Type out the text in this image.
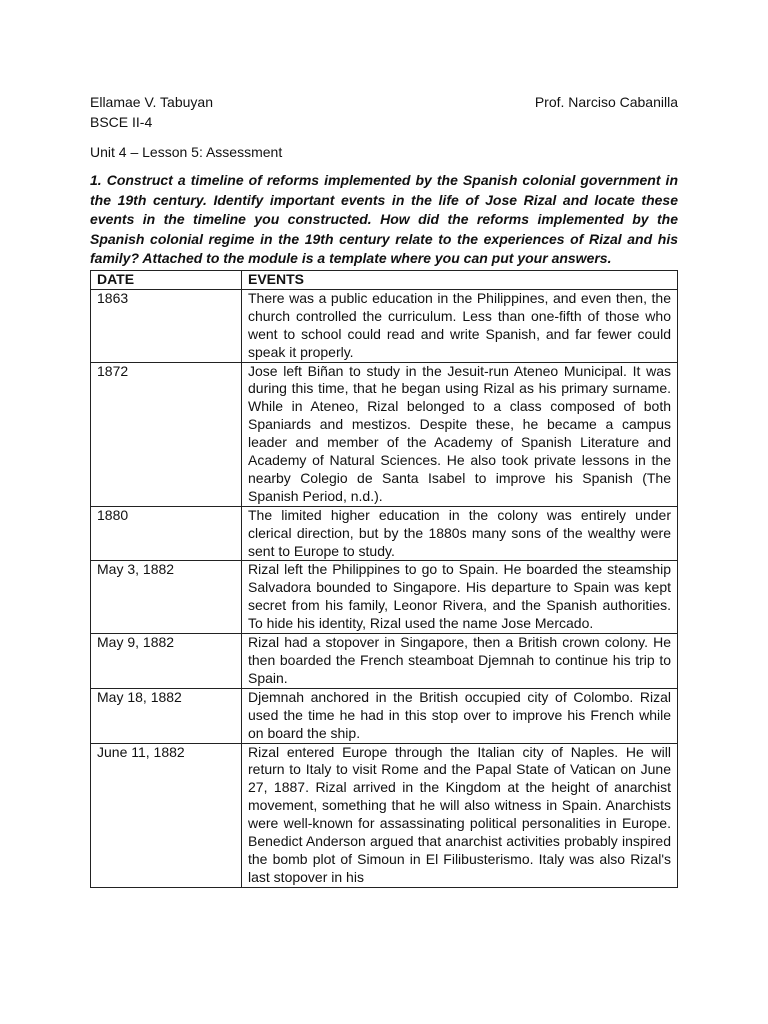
Ellamae V. Tabuyan	Prof. Narciso Cabanilla
BSCE II-4
Unit 4 – Lesson 5: Assessment
1. Construct a timeline of reforms implemented by the Spanish colonial government in the 19th century. Identify important events in the life of Jose Rizal and locate these events in the timeline you constructed. How did the reforms implemented by the Spanish colonial regime in the 19th century relate to the experiences of Rizal and his family? Attached to the module is a template where you can put your answers.
DATE	EVENTS
1863	There was a public education in the Philippines, and even then, the church controlled the curriculum. Less than one-fifth of those who went to school could read and write Spanish, and far fewer could speak it properly.
1872	Jose left Biñan to study in the Jesuit-run Ateneo Municipal. It was during this time, that he began using Rizal as his primary surname. While in Ateneo, Rizal belonged to a class composed of both Spaniards and mestizos. Despite these, he became a campus leader and member of the Academy of Spanish Literature and Academy of Natural Sciences. He also took private lessons in the nearby Colegio de Santa Isabel to improve his Spanish (The Spanish Period, n.d.).
1880	The limited higher education in the colony was entirely under clerical direction, but by the 1880s many sons of the wealthy were sent to Europe to study.
May 3, 1882	Rizal left the Philippines to go to Spain. He boarded the steamship Salvadora bounded to Singapore. His departure to Spain was kept secret from his family, Leonor Rivera, and the Spanish authorities. To hide his identity, Rizal used the name Jose Mercado.
May 9, 1882	Rizal had a stopover in Singapore, then a British crown colony. He then boarded the French steamboat Djemnah to continue his trip to Spain.
May 18, 1882	Djemnah anchored in the British occupied city of Colombo. Rizal used the time he had in this stop over to improve his French while on board the ship.
June 11, 1882	Rizal entered Europe through the Italian city of Naples. He will return to Italy to visit Rome and the Papal State of Vatican on June 27, 1887. Rizal arrived in the Kingdom at the height of anarchist movement, something that he will also witness in Spain. Anarchists were well-known for assassinating political personalities in Europe. Benedict Anderson argued that anarchist activities probably inspired the bomb plot of Simoun in El Filibusterismo. Italy was also Rizal's last stopover in his
